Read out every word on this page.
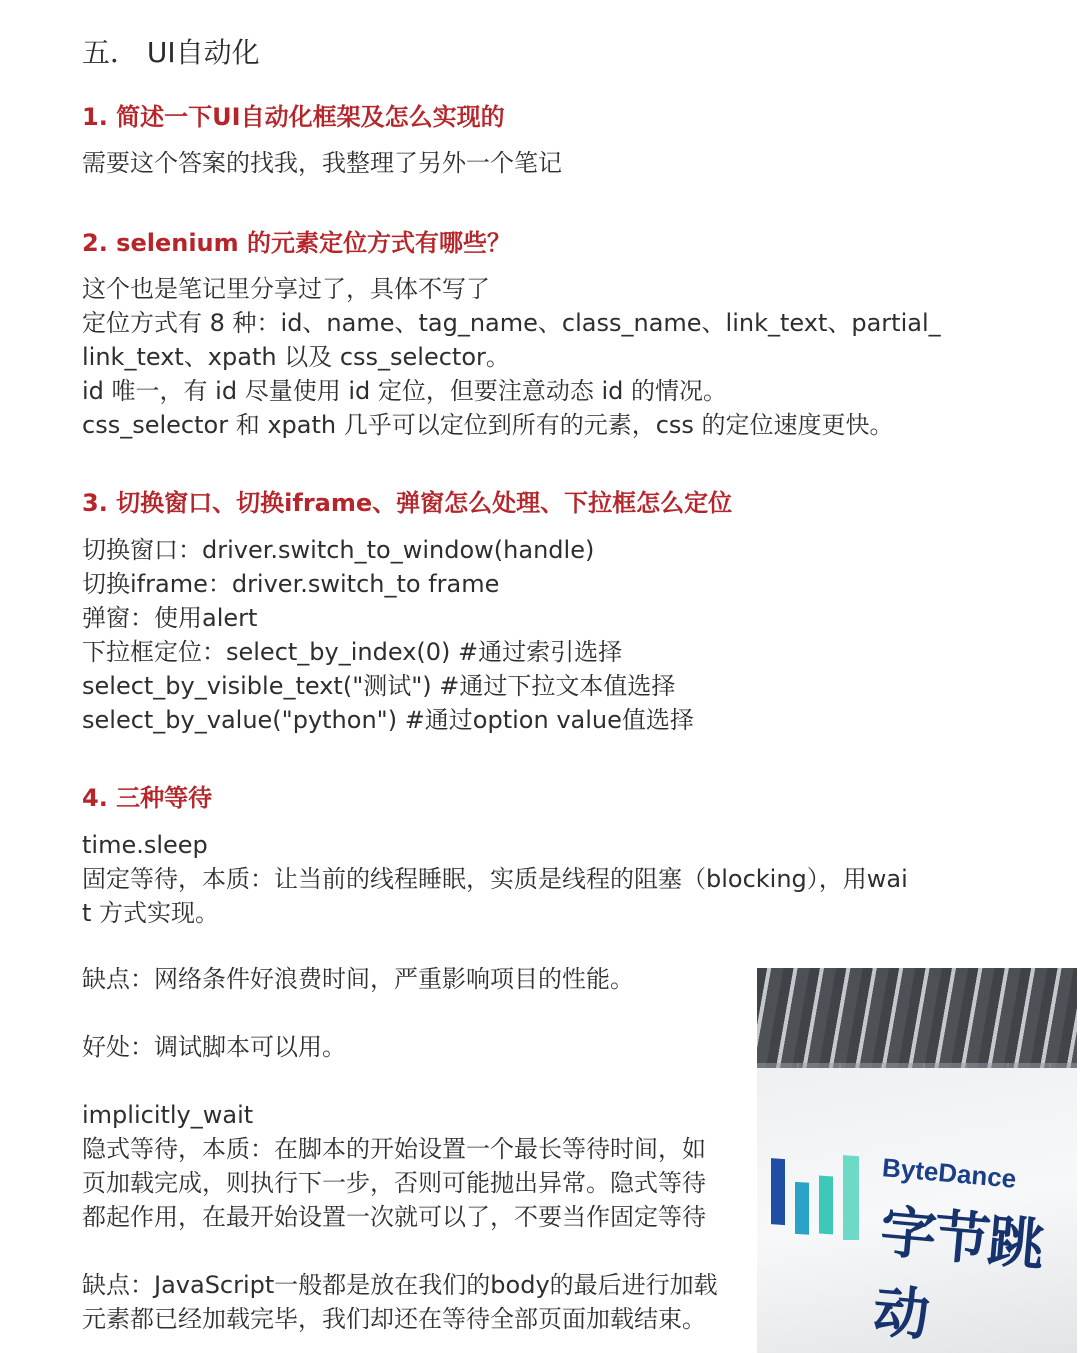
五． UI自动化
1. 简述一下UI自动化框架及怎么实现的
需要这个答案的找我，我整理了另外一个笔记
2. selenium 的元素定位方式有哪些？
这个也是笔记里分享过了，具体不写了
定位方式有 8 种：id、name、tag_name、class_name、link_text、partial_
link_text、xpath 以及 css_selector。
id 唯一，有 id 尽量使用 id 定位，但要注意动态 id 的情况。
css_selector 和 xpath 几乎可以定位到所有的元素，css 的定位速度更快。
3. 切换窗口、切换iframe、弹窗怎么处理、下拉框怎么定位
切换窗口：driver.switch_to_window(handle)
切换iframe：driver.switch_to frame
弹窗：使用alert
下拉框定位：select_by_index(0) #通过索引选择
select_by_visible_text("测试") #通过下拉文本值选择
select_by_value("python") #通过option value值选择
4. 三种等待
time.sleep
固定等待，本质：让当前的线程睡眠，实质是线程的阻塞（blocking），用wai
t 方式实现。
缺点：网络条件好浪费时间，严重影响项目的性能。
好处：调试脚本可以用。
implicitly_wait
隐式等待，本质：在脚本的开始设置一个最长等待时间，如
页加载完成，则执行下一步，否则可能抛出异常。隐式等待
都起作用，在最开始设置一次就可以了，不要当作固定等待
缺点：JavaScript一般都是放在我们的body的最后进行加载
元素都已经加载完毕，我们却还在等待全部页面加载结束。
ByteDance
字节跳动
